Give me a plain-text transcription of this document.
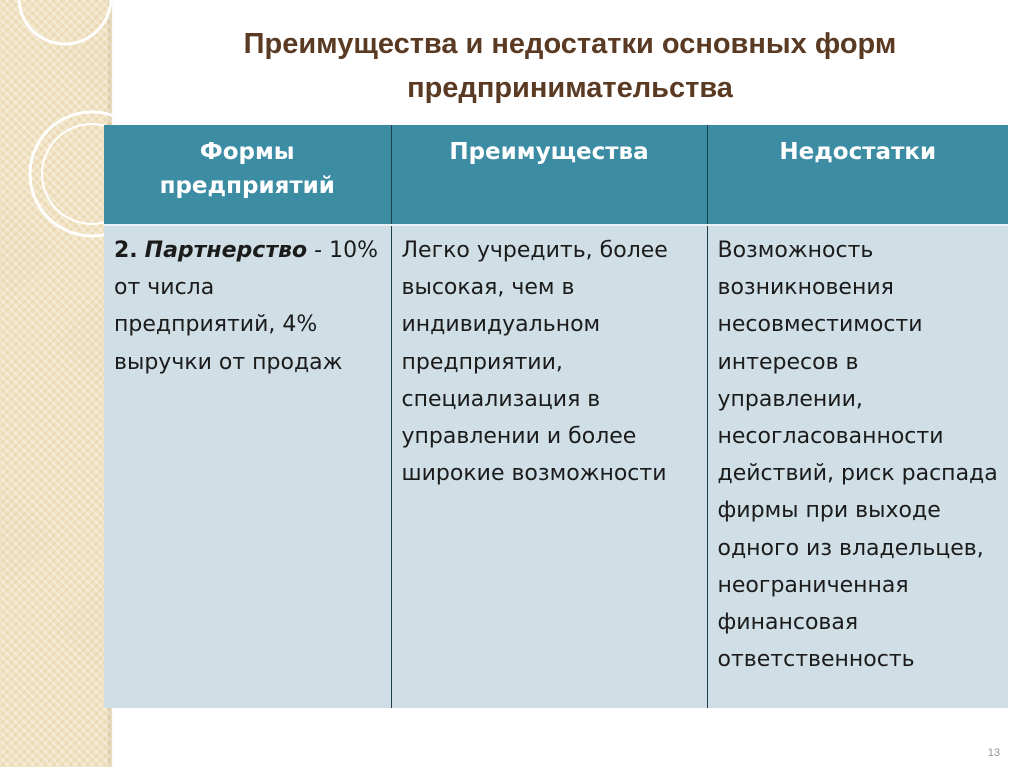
Преимущества и недостатки основных форм
предпринимательства
Формы предприятий	Преимущества	Недостатки
2. Партнерство - 10% от числа предприятий, 4% выручки от продаж	Легко учредить, более высокая, чем в индивидуальном предприятии, специализация в управлении и более широкие возможности	Возможность возникновения несовместимости интересов в управлении, несогласованности действий, риск распада фирмы при выходе одного из владельцев, неограниченная финансовая ответственность
13
